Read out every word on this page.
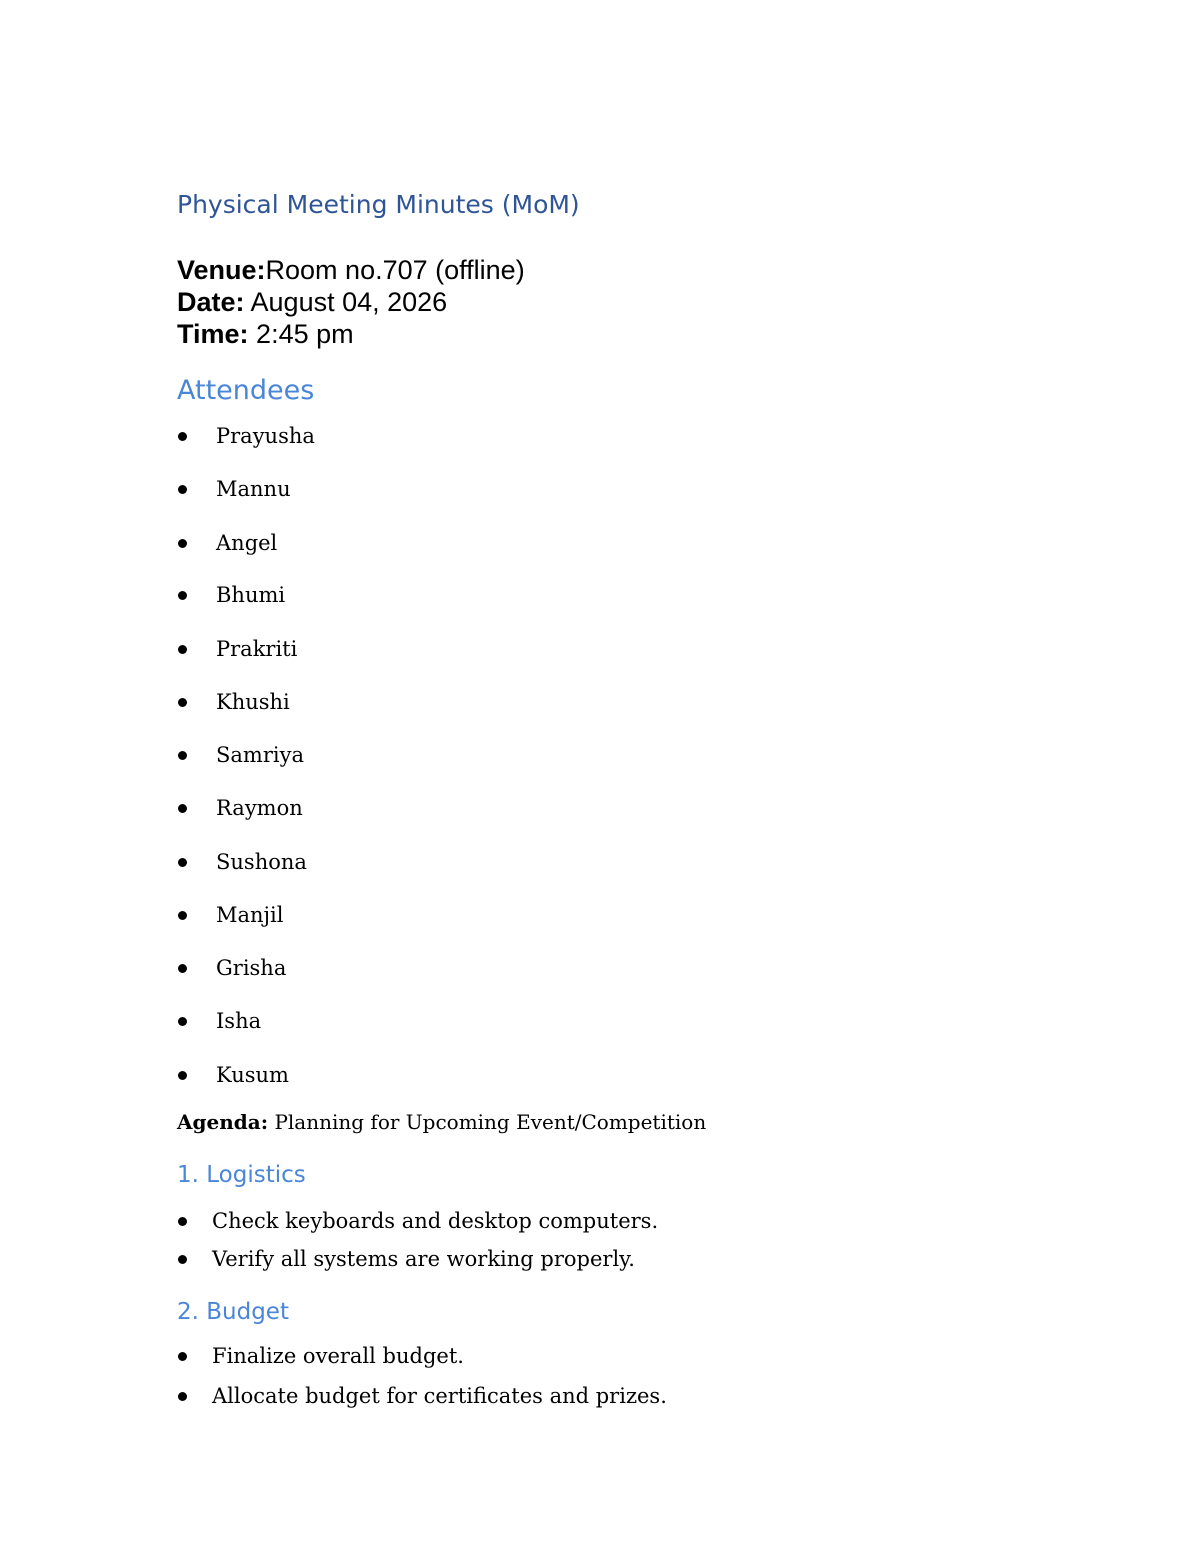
Physical Meeting Minutes (MoM)
Venue:Room no.707 (offline)
Date: August 04, 2026
Time: 2:45 pm
Attendees
Prayusha
Mannu
Angel
Bhumi
Prakriti
Khushi
Samriya
Raymon
Sushona
Manjil
Grisha
Isha
Kusum
Agenda: Planning for Upcoming Event/Competition
1. Logistics
Check keyboards and desktop computers.
Verify all systems are working properly.
2. Budget
Finalize overall budget.
Allocate budget for certificates and prizes.
